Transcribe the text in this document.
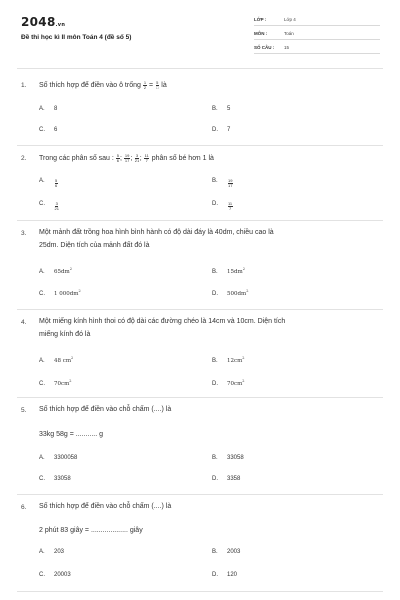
2048.vn
Đề thi học kì II môn Toán 4 (đề số 5)
LỚP :	Lớp 4
MÔN :	Toán
SỐ CÂU : 15
1. Số thích hợp để điền vào ô trống $\frac{1}{2} = \frac{5}{□}$ là
A.	8	B.	5
C.	6	D.	7
2. Trong các phân số sau : $\frac{5}{6}$ ; $\frac{19}{17}$ ; $\frac{3}{21}$ ; $\frac{11}{7}$ phân số bé hơn 1 là
A.	$\frac{5}{6}$	B.	$\frac{19}{17}$
C.	$\frac{3}{21}$	D.	$\frac{11}{7}$
3. Một mảnh đất trồng hoa hình bình hành có độ dài đáy là 40dm, chiều cao là
25dm. Diện tích của mảnh đất đó là
A.	$65dm^2$	B.	$15dm^2$
C.	1 $000dm^2$	D.	$500dm^2$
4. Một miếng kính hình thoi có độ dài các đường chéo là 14cm và 10cm. Diện tích
miếng kính đó là
A.	48 $cm^2$	B.	$12cm^2$
C.	$70cm^2$	D.	$70cm^2$
5. Số thích hợp để điền vào chỗ chấm (....) là
33kg 58g = ........... g
A.	3300058	B.	33058
C.	33058	D.	3358
6. Số thích hợp để điền vào chỗ chấm (....) là
2 phút 83 giây = ................... giây
A.	203	B.	2003
C.	20003	D.	120
